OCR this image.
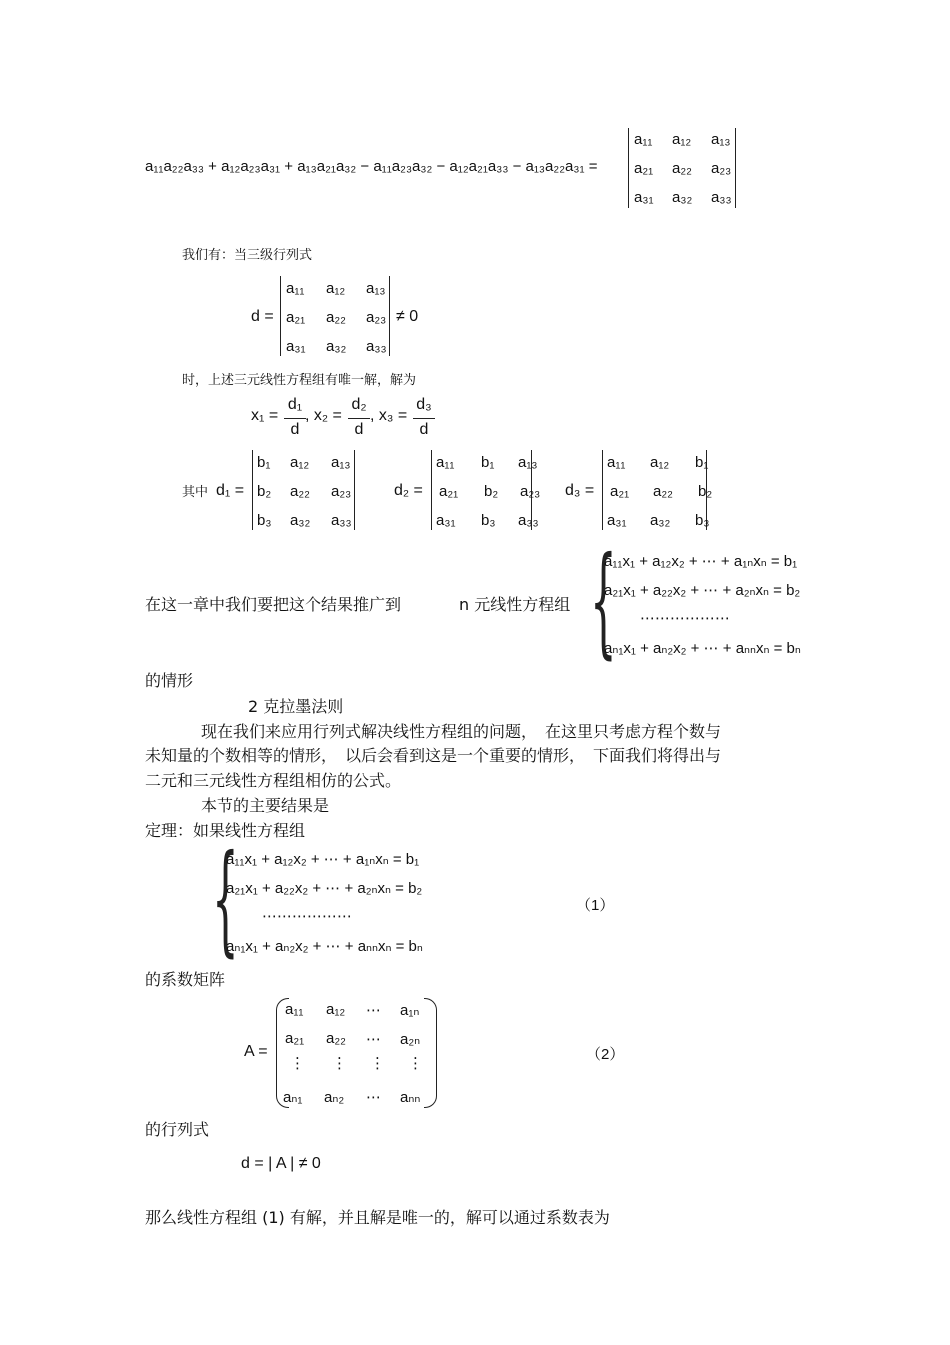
a₁₁a₂₂a₃₃ + a₁₂a₂₃a₃₁ + a₁₃a₂₁a₃₂ − a₁₁a₂₃a₃₂ − a₁₂a₂₁a₃₃ − a₁₃a₂₂a₃₁ =
a₁₁ a₁₂ a₁₃
a₂₁ a₂₂ a₂₃
a₃₁ a₃₂ a₃₃
我们有：当三级行列式
d =
a₁₁ a₁₂ a₁₃
a₂₁ a₂₂ a₂₃
a₃₁ a₃₂ a₃₃
≠ 0
时，上述三元线性方程组有唯一解，解为
x₁ =
d₁
d
, x₂ =
d₂
d
, x₃ =
d₃
d
其中 d₁ =
b₁ a₁₂ a₁₃
b₂ a₂₂ a₂₃
b₃ a₃₂ a₃₃
d₂ =
a₁₁ b₁ a₁₃
a₂₁ b₂ a₂₃
a₃₁ b₃ a₃₃
d₃ =
a₁₁ a₁₂ b₁
a₂₁ a₂₂ b₂
a₃₁ a₃₂ b₃
在这一章中我们要把这个结果推广到	n 元线性方程组 {
a₁₁x₁ + a₁₂x₂ + ⋯ + a₁ₙxₙ = b₁
a₂₁x₁ + a₂₂x₂ + ⋯ + a₂ₙxₙ = b₂
⋯⋯⋯⋯⋯⋯
aₙ₁x₁ + aₙ₂x₂ + ⋯ + aₙₙxₙ = bₙ
的情形
2 克拉墨法则
现在我们来应用行列式解决线性方程组的问题，　在这里只考虑方程个数与
未知量的个数相等的情形，　以后会看到这是一个重要的情形，　下面我们将得出与
二元和三元线性方程组相仿的公式。
本节的主要结果是
定理：如果线性方程组
{
a₁₁x₁ + a₁₂x₂ + ⋯ + a₁ₙxₙ = b₁
a₂₁x₁ + a₂₂x₂ + ⋯ + a₂ₙxₙ = b₂
⋯⋯⋯⋯⋯⋯
aₙ₁x₁ + aₙ₂x₂ + ⋯ + aₙₙxₙ = bₙ
（1）
的系数矩阵
A =
a₁₁ a₁₂ ⋯ a₁ₙ
a₂₁ a₂₂ ⋯ a₂ₙ
⋮ ⋮ ⋮ ⋮
aₙ₁ aₙ₂ ⋯ aₙₙ
（2）
的行列式
d = | A | ≠ 0
那么线性方程组 (1) 有解，并且解是唯一的，解可以通过系数表为
